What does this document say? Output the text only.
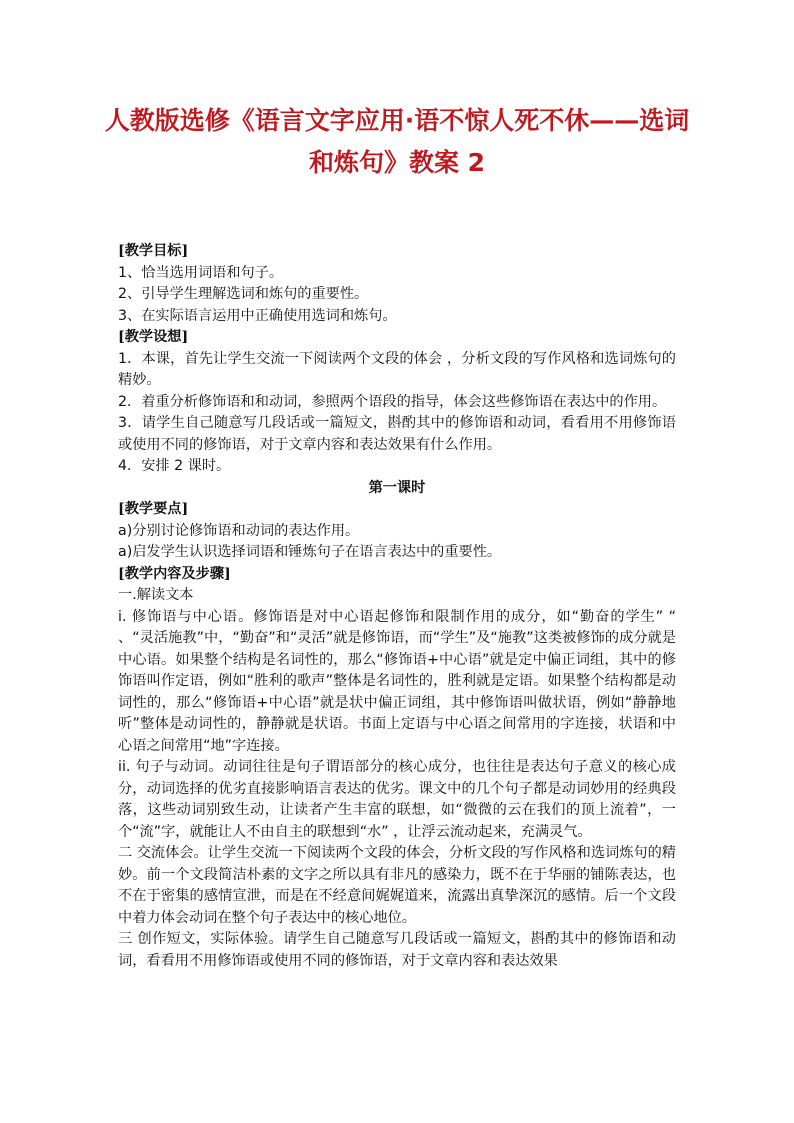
人教版选修《语言文字应用·语不惊人死不休——选词和炼句》教案 2

[教学目标]

1、恰当选用词语和句子。

2、引导学生理解选词和炼句的重要性。

3、在实际语言运用中正确使用选词和炼句。

[教学设想]

1．本课，首先让学生交流一下阅读两个文段的体会 ，分析文段的写作风格和选词炼句的精妙。

2．着重分析修饰语和和动词，参照两个语段的指导，体会这些修饰语在表达中的作用。

3．请学生自己随意写几段话或一篇短文，斟酌其中的修饰语和动词，看看用不用修饰语或使用不同的修饰语，对于文章内容和表达效果有什么作用。

4．安排 2 课时。

第一课时

[教学要点]

a)分别讨论修饰语和动词的表达作用。

a)启发学生认识选择词语和锤炼句子在语言表达中的重要性。

[教学内容及步骤]

一.解读文本

i. 修饰语与中心语。修饰语是对中心语起修饰和限制作用的成分，如“勤奋的学生” “ 、“灵活施教”中，“勤奋”和“灵活”就是修饰语，而“学生”及“施教”这类被修饰的成分就是中心语。如果整个结构是名词性的，那么“修饰语+中心语”就是定中偏正词组，其中的修饰语叫作定语，例如“胜利的歌声”整体是名词性的，胜利就是定语。如果整个结构都是动词性的，那么“修饰语+中心语”就是状中偏正词组，其中修饰语叫做状语，例如“静静地听”整体是动词性的，静静就是状语。书面上定语与中心语之间常用的字连接，状语和中心语之间常用“地”字连接。

ii. 句子与动词。动词往往是句子谓语部分的核心成分，也往往是表达句子意义的核心成分，动词选择的优劣直接影响语言表达的优劣。课文中的几个句子都是动词妙用的经典段落，这些动词别致生动，让读者产生丰富的联想，如“微微的云在我们的顶上流着”，一个“流”字，就能让人不由自主的联想到“水” ，让浮云流动起来，充满灵气。

二 交流体会。让学生交流一下阅读两个文段的体会，分析文段的写作风格和选词炼句的精妙。前一个文段简洁朴素的文字之所以具有非凡的感染力，既不在于华丽的铺陈表达，也不在于密集的感情宣泄，而是在不经意间娓娓道来，流露出真挚深沉的感情。后一个文段中着力体会动词在整个句子表达中的核心地位。

三 创作短文，实际体验。请学生自己随意写几段话或一篇短文，斟酌其中的修饰语和动词，看看用不用修饰语或使用不同的修饰语，对于文章内容和表达效果
